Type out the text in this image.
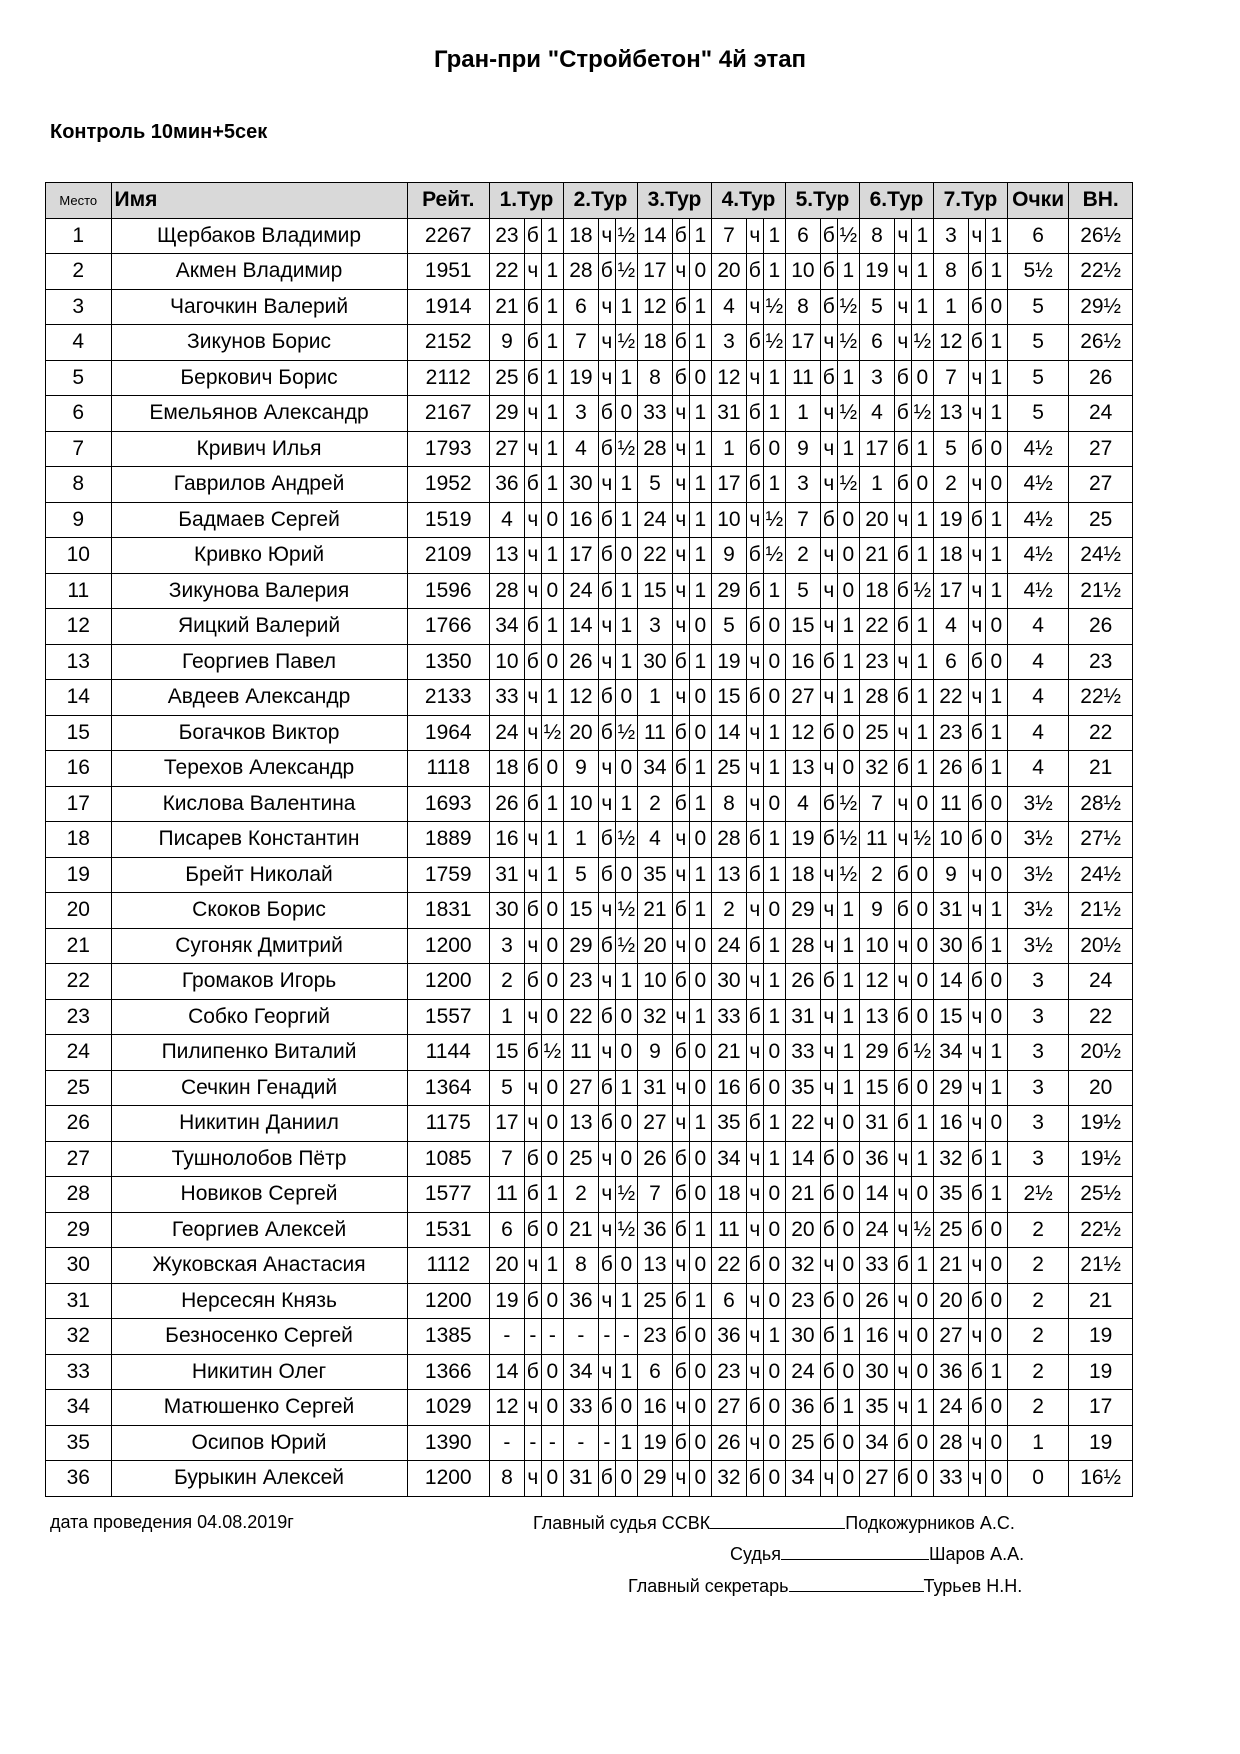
Гран-при "Стройбетон" 4й этап
Контроль 10мин+5сек
Место	Имя	Рейт.	1.Тур			2.Тур			3.Тур			4.Тур			5.Тур			6.Тур			7.Тур			Очки	ВН.
1	Щербаков Владимир	2267	23	б	1	18	ч	½	14	б	1	7	ч	1	6	б	½	8	ч	1	3	ч	1	6	26½
2	Акмен Владимир	1951	22	ч	1	28	б	½	17	ч	0	20	б	1	10	б	1	19	ч	1	8	б	1	5½	22½
3	Чагочкин Валерий	1914	21	б	1	6	ч	1	12	б	1	4	ч	½	8	б	½	5	ч	1	1	б	0	5	29½
4	Зикунов Борис	2152	9	б	1	7	ч	½	18	б	1	3	б	½	17	ч	½	6	ч	½	12	б	1	5	26½
5	Беркович Борис	2112	25	б	1	19	ч	1	8	б	0	12	ч	1	11	б	1	3	б	0	7	ч	1	5	26
6	Емельянов Александр	2167	29	ч	1	3	б	0	33	ч	1	31	б	1	1	ч	½	4	б	½	13	ч	1	5	24
7	Кривич Илья	1793	27	ч	1	4	б	½	28	ч	1	1	б	0	9	ч	1	17	б	1	5	б	0	4½	27
8	Гаврилов Андрей	1952	36	б	1	30	ч	1	5	ч	1	17	б	1	3	ч	½	1	б	0	2	ч	0	4½	27
9	Бадмаев Сергей	1519	4	ч	0	16	б	1	24	ч	1	10	ч	½	7	б	0	20	ч	1	19	б	1	4½	25
10	Кривко Юрий	2109	13	ч	1	17	б	0	22	ч	1	9	б	½	2	ч	0	21	б	1	18	ч	1	4½	24½
11	Зикунова Валерия	1596	28	ч	0	24	б	1	15	ч	1	29	б	1	5	ч	0	18	б	½	17	ч	1	4½	21½
12	Яицкий Валерий	1766	34	б	1	14	ч	1	3	ч	0	5	б	0	15	ч	1	22	б	1	4	ч	0	4	26
13	Георгиев Павел	1350	10	б	0	26	ч	1	30	б	1	19	ч	0	16	б	1	23	ч	1	6	б	0	4	23
14	Авдеев Александр	2133	33	ч	1	12	б	0	1	ч	0	15	б	0	27	ч	1	28	б	1	22	ч	1	4	22½
15	Богачков Виктор	1964	24	ч	½	20	б	½	11	б	0	14	ч	1	12	б	0	25	ч	1	23	б	1	4	22
16	Терехов Александр	1118	18	б	0	9	ч	0	34	б	1	25	ч	1	13	ч	0	32	б	1	26	б	1	4	21
17	Кислова Валентина	1693	26	б	1	10	ч	1	2	б	1	8	ч	0	4	б	½	7	ч	0	11	б	0	3½	28½
18	Писарев Константин	1889	16	ч	1	1	б	½	4	ч	0	28	б	1	19	б	½	11	ч	½	10	б	0	3½	27½
19	Брейт Николай	1759	31	ч	1	5	б	0	35	ч	1	13	б	1	18	ч	½	2	б	0	9	ч	0	3½	24½
20	Скоков Борис	1831	30	б	0	15	ч	½	21	б	1	2	ч	0	29	ч	1	9	б	0	31	ч	1	3½	21½
21	Сугоняк Дмитрий	1200	3	ч	0	29	б	½	20	ч	0	24	б	1	28	ч	1	10	ч	0	30	б	1	3½	20½
22	Громаков Игорь	1200	2	б	0	23	ч	1	10	б	0	30	ч	1	26	б	1	12	ч	0	14	б	0	3	24
23	Собко Георгий	1557	1	ч	0	22	б	0	32	ч	1	33	б	1	31	ч	1	13	б	0	15	ч	0	3	22
24	Пилипенко Виталий	1144	15	б	½	11	ч	0	9	б	0	21	ч	0	33	ч	1	29	б	½	34	ч	1	3	20½
25	Сечкин Генадий	1364	5	ч	0	27	б	1	31	ч	0	16	б	0	35	ч	1	15	б	0	29	ч	1	3	20
26	Никитин Даниил	1175	17	ч	0	13	б	0	27	ч	1	35	б	1	22	ч	0	31	б	1	16	ч	0	3	19½
27	Тушнолобов Пётр	1085	7	б	0	25	ч	0	26	б	0	34	ч	1	14	б	0	36	ч	1	32	б	1	3	19½
28	Новиков Сергей	1577	11	б	1	2	ч	½	7	б	0	18	ч	0	21	б	0	14	ч	0	35	б	1	2½	25½
29	Георгиев Алексей	1531	6	б	0	21	ч	½	36	б	1	11	ч	0	20	б	0	24	ч	½	25	б	0	2	22½
30	Жуковская Анастасия	1112	20	ч	1	8	б	0	13	ч	0	22	б	0	32	ч	0	33	б	1	21	ч	0	2	21½
31	Нерсесян Князь	1200	19	б	0	36	ч	1	25	б	1	6	ч	0	23	б	0	26	ч	0	20	б	0	2	21
32	Безносенко Сергей	1385	-	-	-	-	-	-	23	б	0	36	ч	1	30	б	1	16	ч	0	27	ч	0	2	19
33	Никитин Олег	1366	14	б	0	34	ч	1	6	б	0	23	ч	0	24	б	0	30	ч	0	36	б	1	2	19
34	Матюшенко Сергей	1029	12	ч	0	33	б	0	16	ч	0	27	б	0	36	б	1	35	ч	1	24	б	0	2	17
35	Осипов Юрий	1390	-	-	-	-	-	1	19	б	0	26	ч	0	25	б	0	34	б	0	28	ч	0	1	19
36	Бурыкин Алексей	1200	8	ч	0	31	б	0	29	ч	0	32	б	0	34	ч	0	27	б	0	33	ч	0	0	16½
дата проведения 04.08.2019г	Главный судья ССВК	Подкожурников А.С.
Судья	Шаров А.А.
Главный секретарь	Турьев Н.Н.
